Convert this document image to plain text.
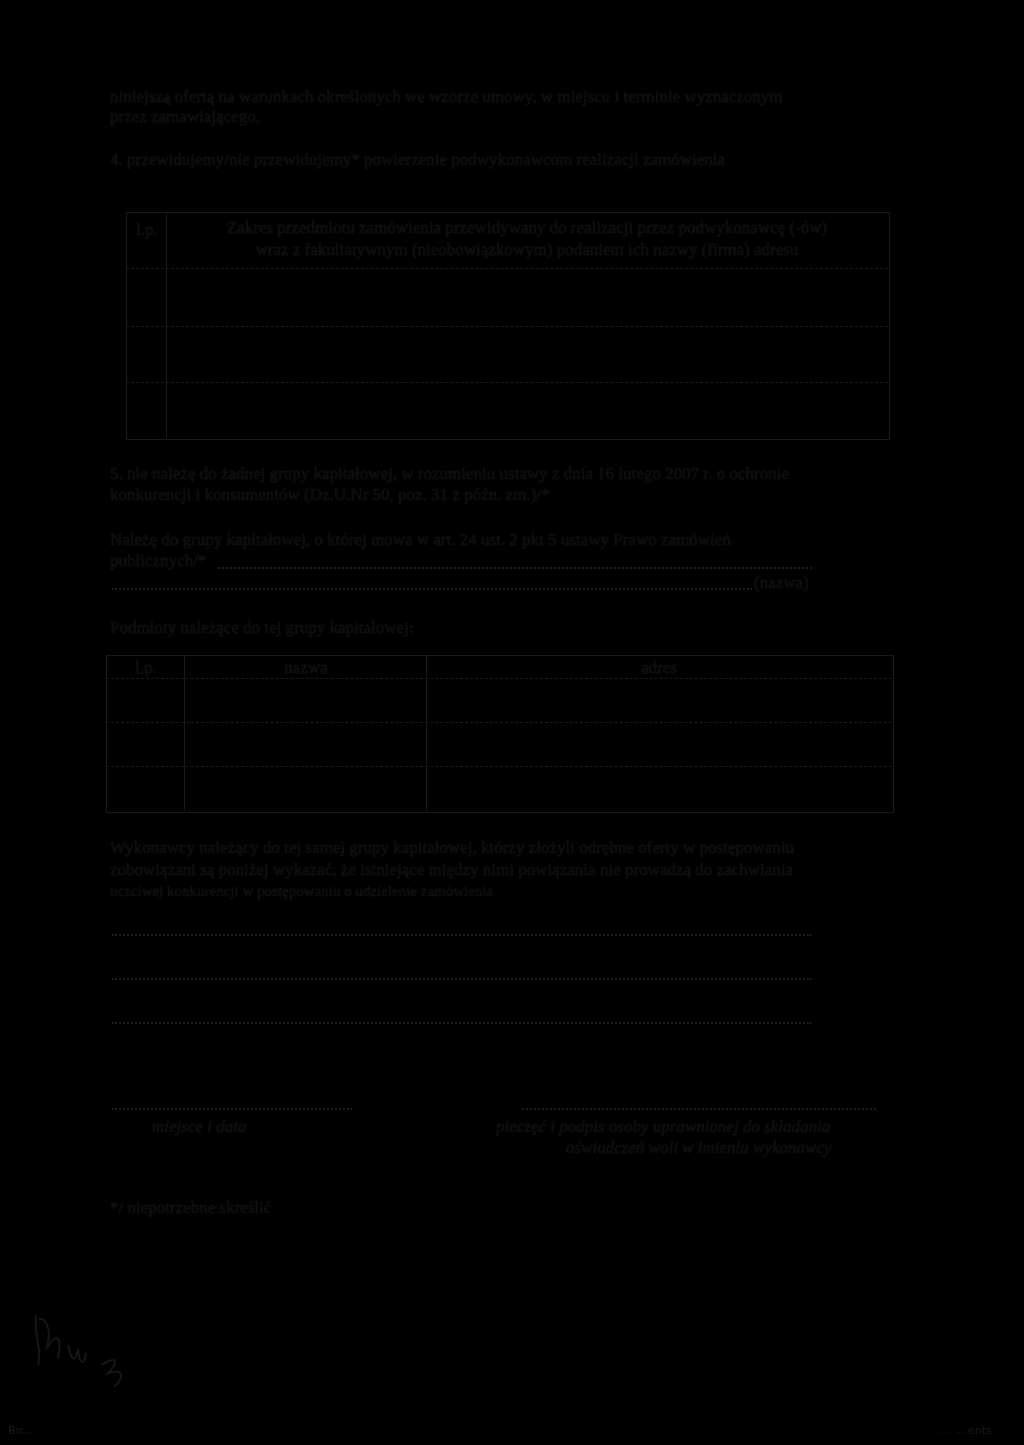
niniejszą ofertą na warunkach określonych we wzorze umowy, w miejscu i terminie wyznaczonym
przez zamawiającego,
4. przewidujemy/nie przewidujemy* powierzenie podwykonawcom realizacji zamówienia
l.p.	Zakres przedmiotu zamówienia przewidywany do realizacji przez podwykonawcę (-ów)
wraz z fakultatywnym (nieobowiązkowym) podaniem ich nazwy (firma) adresu
5. nie należę do żadnej grupy kapitałowej, w rozumieniu ustawy z dnia 16 lutego 2007 r. o ochronie
konkurencji i konsumentów (Dz.U.Nr 50, poz. 31 z późn. zm.)/*
Należę do grupy kapitałowej, o której mowa w art. 24 ust. 2 pkt 5 ustawy Prawo zamówień
publicznych/*
(nazwa)
Podmioty należące do tej grupy kapitałowej:
l.p.	nazwa	adres
Wykonawcy należący do tej samej grupy kapitałowej, którzy złożyli odrębne oferty w postępowaniu
zobowiązani są poniżej wykazać, że istniejące między nimi powiązania nie prowadzą do zachwiania
uczciwej konkurencji w postępowaniu o udzielenie zamówienia
miejsce i data	pieczęć i podpis osoby uprawnionej do składania
oświadczeń woli w imieniu wykonawcy
*/ niepotrzebne skreślić
Bir...	... ....ents
